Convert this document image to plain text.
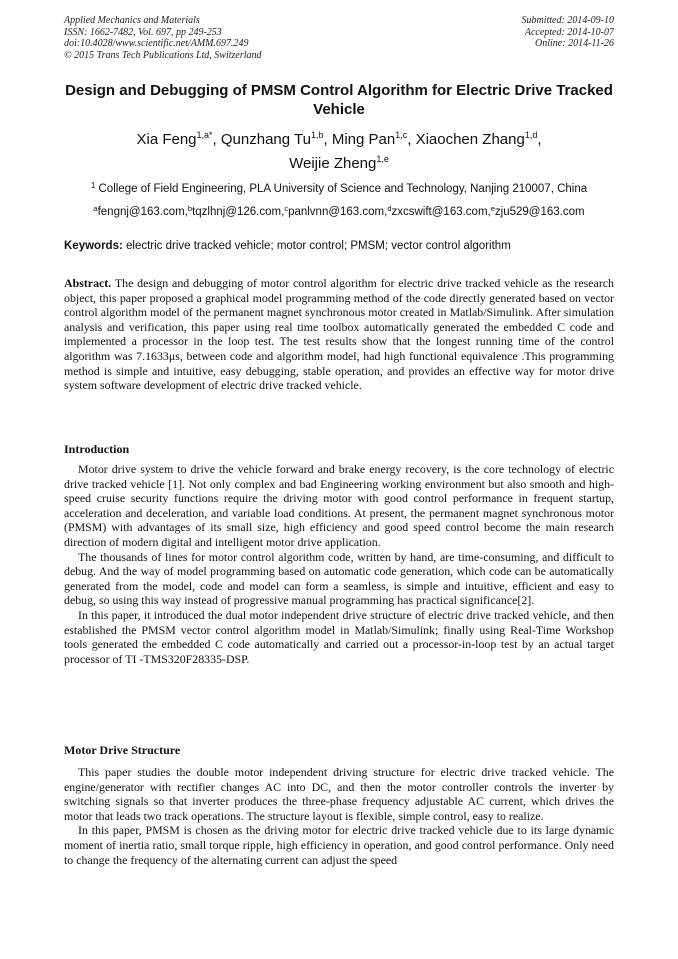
Applied Mechanics and Materials
ISSN: 1662-7482, Vol. 697, pp 249-253
doi:10.4028/www.scientific.net/AMM.697.249
© 2015 Trans Tech Publications Ltd, Switzerland
Submitted: 2014-09-10
Accepted: 2014-10-07
Online: 2014-11-26
Design and Debugging of PMSM Control Algorithm for Electric Drive Tracked Vehicle
Xia Feng$^{1,a*}$, Qunzhang Tu$^{1,b}$, Ming Pan$^{1,c}$, Xiaochen Zhang$^{1,d}$,
Weijie Zheng$^{1,e}$
$^1$ College of Field Engineering, PLA University of Science and Technology, Nanjing 210007, China
$^a$fengnj@163.com,$^b$tqzlhnj@126.com,$^c$panlvnn@163.com,$^d$zxcswift@163.com,$^e$zju529@163.com
Keywords: electric drive tracked vehicle; motor control; PMSM; vector control algorithm
Abstract. The design and debugging of motor control algorithm for electric drive tracked vehicle as the research object, this paper proposed a graphical model programming method of the code directly generated based on vector control algorithm model of the permanent magnet synchronous motor created in Matlab/Simulink. After simulation analysis and verification, this paper using real time toolbox automatically generated the embedded C code and implemented a processor in the loop test. The test results show that the longest running time of the control algorithm was 7.1633μs, between code and algorithm model, had high functional equivalence .This programming method is simple and intuitive, easy debugging, stable operation, and provides an effective way for motor drive system software development of electric drive tracked vehicle.
Introduction

Motor drive system to drive the vehicle forward and brake energy recovery, is the core technology of electric drive tracked vehicle [1]. Not only complex and bad Engineering working environment but also smooth and high-speed cruise security functions require the driving motor with good control performance in frequent startup, acceleration and deceleration, and variable load conditions. At present, the permanent magnet synchronous motor (PMSM) with advantages of its small size, high efficiency and good speed control become the main research direction of modern digital and intelligent motor drive application.

The thousands of lines for motor control algorithm code, written by hand, are time-consuming, and difficult to debug. And the way of model programming based on automatic code generation, which code can be automatically generated from the model, code and model can form a seamless, is simple and intuitive, efficient and easy to debug, so using this way instead of progressive manual programming has practical significance[2].

In this paper, it introduced the dual motor independent drive structure of electric drive tracked vehicle, and then established the PMSM vector control algorithm model in Matlab/Simulink; finally using Real-Time Workshop tools generated the embedded C code automatically and carried out a processor-in-loop test by an actual target processor of TI -TMS320F28335-DSP.

Motor Drive Structure

This paper studies the double motor independent driving structure for electric drive tracked vehicle. The engine/generator with rectifier changes AC into DC, and then the motor controller controls the inverter by switching signals so that inverter produces the three-phase frequency adjustable AC current, which drives the motor that leads two track operations. The structure layout is flexible, simple control, easy to realize.

In this paper, PMSM is chosen as the driving motor for electric drive tracked vehicle due to its large dynamic moment of inertia ratio, small torque ripple, high efficiency in operation, and good control performance. Only need to change the frequency of the alternating current can adjust the speed
